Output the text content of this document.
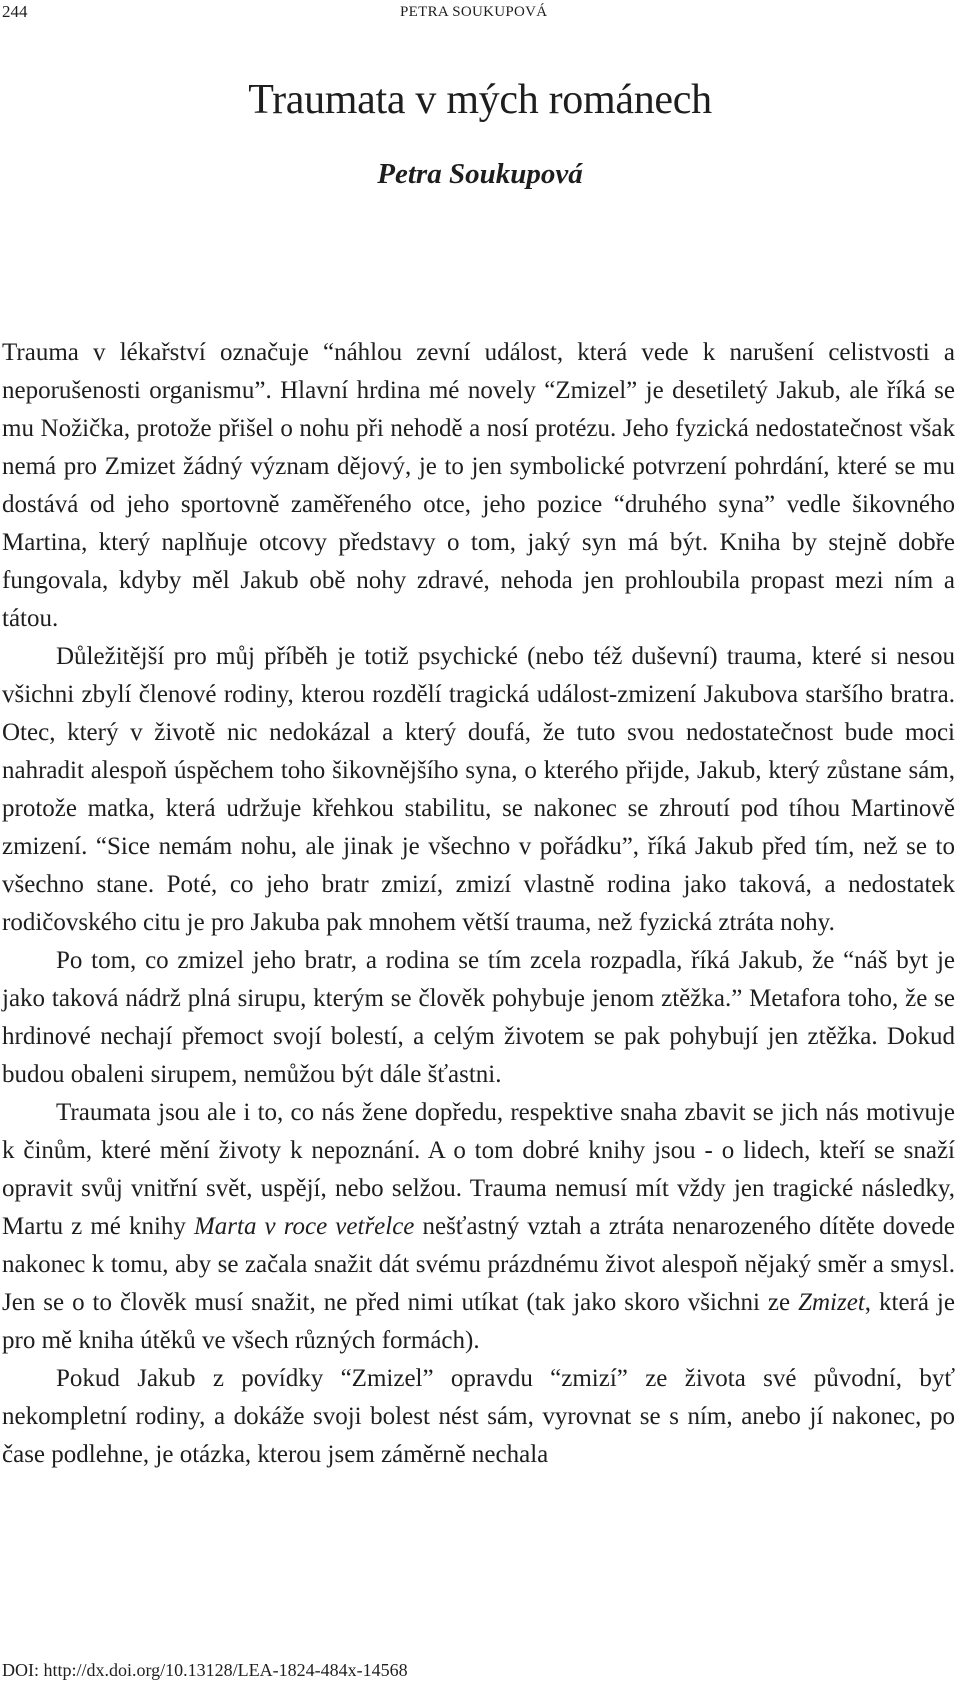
244	PETRA SOUKUPOVÁ
Traumata v mých románech
Petra Soukupová

Trauma v lékařství označuje “náhlou zevní událost, která vede k narušení celistvosti a neporušenosti organismu”. Hlavní hrdina mé novely “Zmizel” je desetiletý Jakub, ale říká se mu Nožička, protože přišel o nohu při nehodě a nosí protézu. Jeho fyzická nedostatečnost však nemá pro Zmizet žádný význam dějový, je to jen symbolické potvrzení pohrdání, které se mu dostává od jeho sportovně zaměřeného otce, jeho pozice “druhého syna” vedle šikovného Martina, který naplňuje otcovy představy o tom, jaký syn má být. Kniha by stejně dobře fungovala, kdyby měl Jakub obě nohy zdravé, nehoda jen prohloubila propast mezi ním a tátou.

Důležitější pro můj příběh je totiž psychické (nebo též duševní) trauma, které si nesou všichni zbylí členové rodiny, kterou rozdělí tragická událost-zmizení Jakubova staršího bratra. Otec, který v životě nic nedokázal a který doufá, že tuto svou nedostatečnost bude moci nahradit alespoň úspěchem toho šikovnějšího syna, o kterého přijde, Jakub, který zůstane sám, protože matka, která udržuje křehkou stabilitu, se nakonec se zhroutí pod tíhou Martinově zmizení. “Sice nemám nohu, ale jinak je všechno v pořádku”, říká Jakub před tím, než se to všechno stane. Poté, co jeho bratr zmizí, zmizí vlastně rodina jako taková, a nedostatek rodičovského citu je pro Jakuba pak mnohem větší trauma, než fyzická ztráta nohy.

Po tom, co zmizel jeho bratr, a rodina se tím zcela rozpadla, říká Jakub, že “náš byt je jako taková nádrž plná sirupu, kterým se člověk pohybuje jenom ztěžka.” Metafora toho, že se hrdinové nechají přemoct svojí bolestí, a celým životem se pak pohybují jen ztěžka. Dokud budou obaleni sirupem, nemůžou být dále šťastni.

Traumata jsou ale i to, co nás žene dopředu, respektive snaha zbavit se jich nás motivuje k činům, které mění životy k nepoznání. A o tom dobré knihy jsou - o lidech, kteří se snaží opravit svůj vnitřní svět, uspějí, nebo selžou. Trauma nemusí mít vždy jen tragické následky, Martu z mé knihy Marta v roce vetřelce nešťastný vztah a ztráta nenarozeného dítěte dovede nakonec k tomu, aby se začala snažit dát svému prázdnému život alespoň nějaký směr a smysl. Jen se o to člověk musí snažit, ne před nimi utíkat (tak jako skoro všichni ze Zmizet, která je pro mě kniha útěků ve všech různých formách).

Pokud Jakub z povídky “Zmizel” opravdu “zmizí” ze života své původní, byť nekompletní rodiny, a dokáže svoji bolest nést sám, vyrovnat se s ním, anebo jí nakonec, po čase podlehne, je otázka, kterou jsem záměrně nechala

DOI: http://dx.doi.org/10.13128/LEA-1824-484x-14568
